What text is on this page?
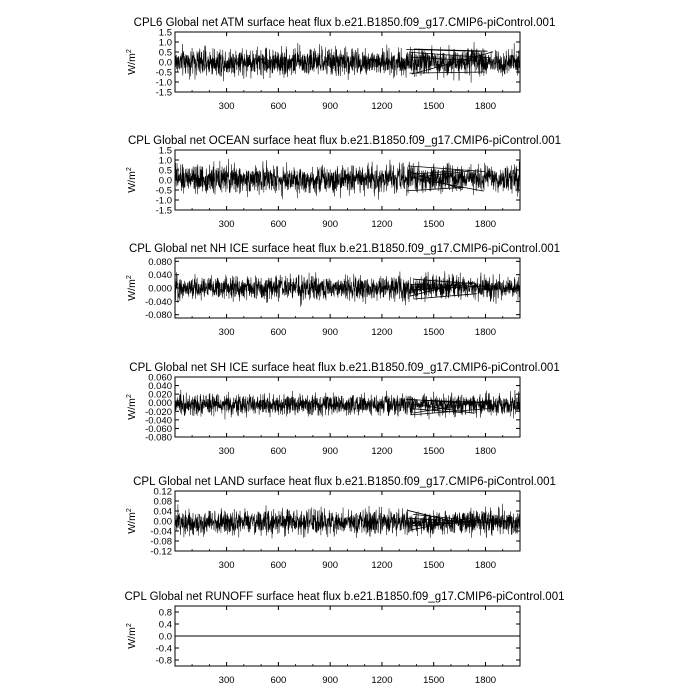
CPL6 Global net ATM surface heat flux b.e21.B1850.f09_g17.CMIP6-piControl.001
1.5
1.0
0.5
0.0
-0.5
-1.0
-1.5
300	600	900	1200	1500	1800
$W/m^2$
CPL Global net OCEAN surface heat flux b.e21.B1850.f09_g17.CMIP6-piControl.001
1.5
1.0
0.5
0.0
-0.5
-1.0
-1.5
300	600	900	1200	1500	1800
$W/m^2$
CPL Global net NH ICE surface heat flux b.e21.B1850.f09_g17.CMIP6-piControl.001
0.080
0.040
0.000
-0.040
-0.080
300	600	900	1200	1500	1800
$W/m^2$
CPL Global net SH ICE surface heat flux b.e21.B1850.f09_g17.CMIP6-piControl.001
0.060
0.040
0.020
0.000
-0.020
-0.040
-0.060
-0.080
300	600	900	1200	1500	1800
$W/m^2$
CPL Global net LAND surface heat flux b.e21.B1850.f09_g17.CMIP6-piControl.001
0.12
0.08
0.04
0.00
-0.04
-0.08
-0.12
300	600	900	1200	1500	1800
$W/m^2$
CPL Global net RUNOFF surface heat flux b.e21.B1850.f09_g17.CMIP6-piControl.001
0.8
0.4
0.0
-0.4
-0.8
300	600	900	1200	1500	1800
$W/m^2$
